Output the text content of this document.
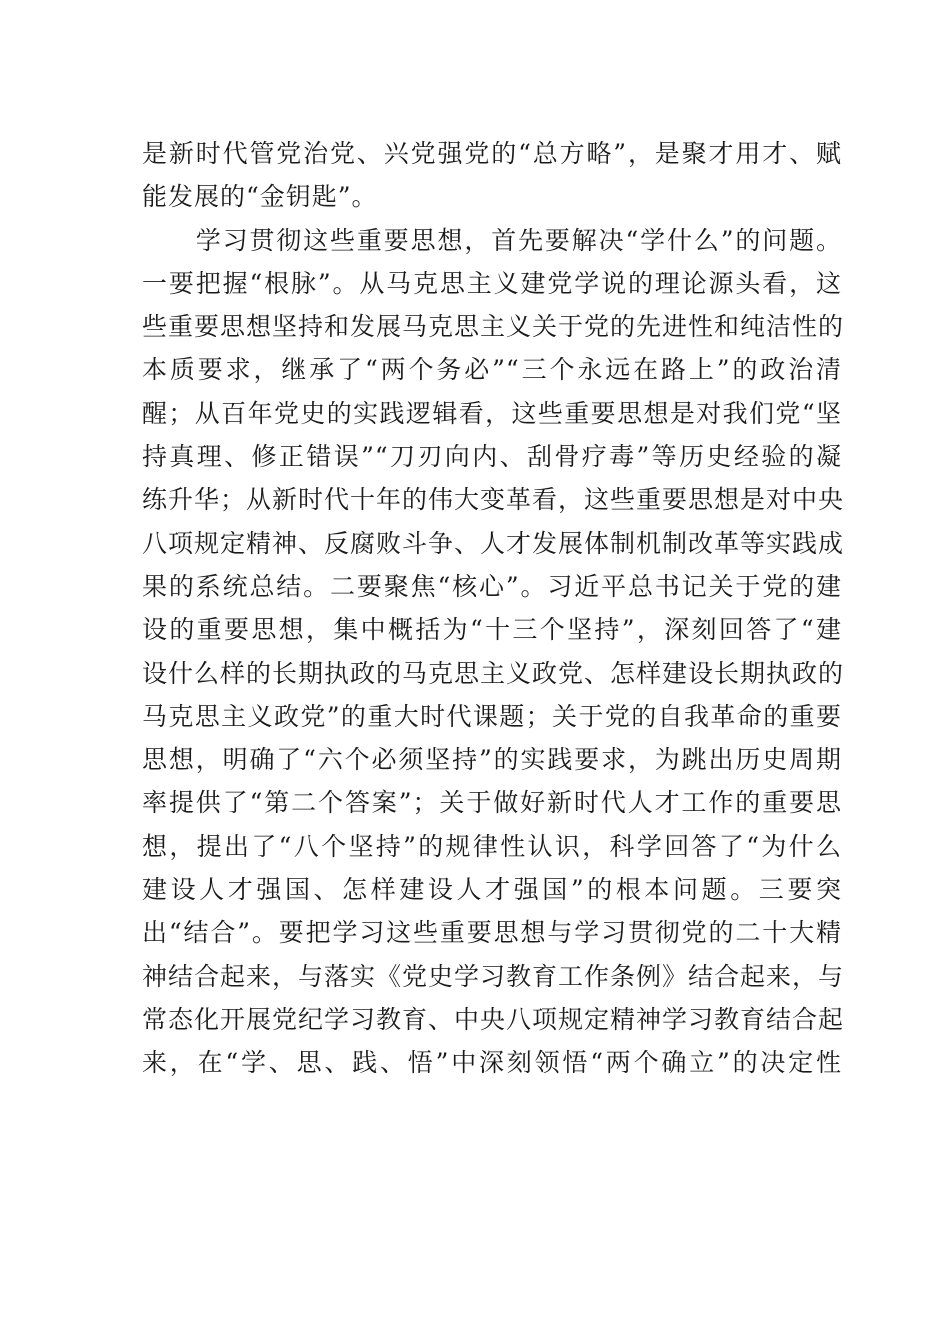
是新时代管党治党、兴党强党的“总方略”，是聚才用才、赋
能发展的“金钥匙”。
　　学习贯彻这些重要思想，首先要解决“学什么”的问题。
一要把握“根脉”。从马克思主义建党学说的理论源头看，这
些重要思想坚持和发展马克思主义关于党的先进性和纯洁性的
本质要求，继承了“两个务必”“三个永远在路上”的政治清
醒；从百年党史的实践逻辑看，这些重要思想是对我们党“坚
持真理、修正错误”“刀刃向内、刮骨疗毒”等历史经验的凝
练升华；从新时代十年的伟大变革看，这些重要思想是对中央
八项规定精神、反腐败斗争、人才发展体制机制改革等实践成
果的系统总结。二要聚焦“核心”。习近平总书记关于党的建
设的重要思想，集中概括为“十三个坚持”，深刻回答了“建
设什么样的长期执政的马克思主义政党、怎样建设长期执政的
马克思主义政党”的重大时代课题；关于党的自我革命的重要
思想，明确了“六个必须坚持”的实践要求，为跳出历史周期
率提供了“第二个答案”；关于做好新时代人才工作的重要思
想，提出了“八个坚持”的规律性认识，科学回答了“为什么
建设人才强国、怎样建设人才强国”的根本问题。三要突
出“结合”。要把学习这些重要思想与学习贯彻党的二十大精
神结合起来，与落实《党史学习教育工作条例》结合起来，与
常态化开展党纪学习教育、中央八项规定精神学习教育结合起
来，在“学、思、践、悟”中深刻领悟“两个确立”的决定性
